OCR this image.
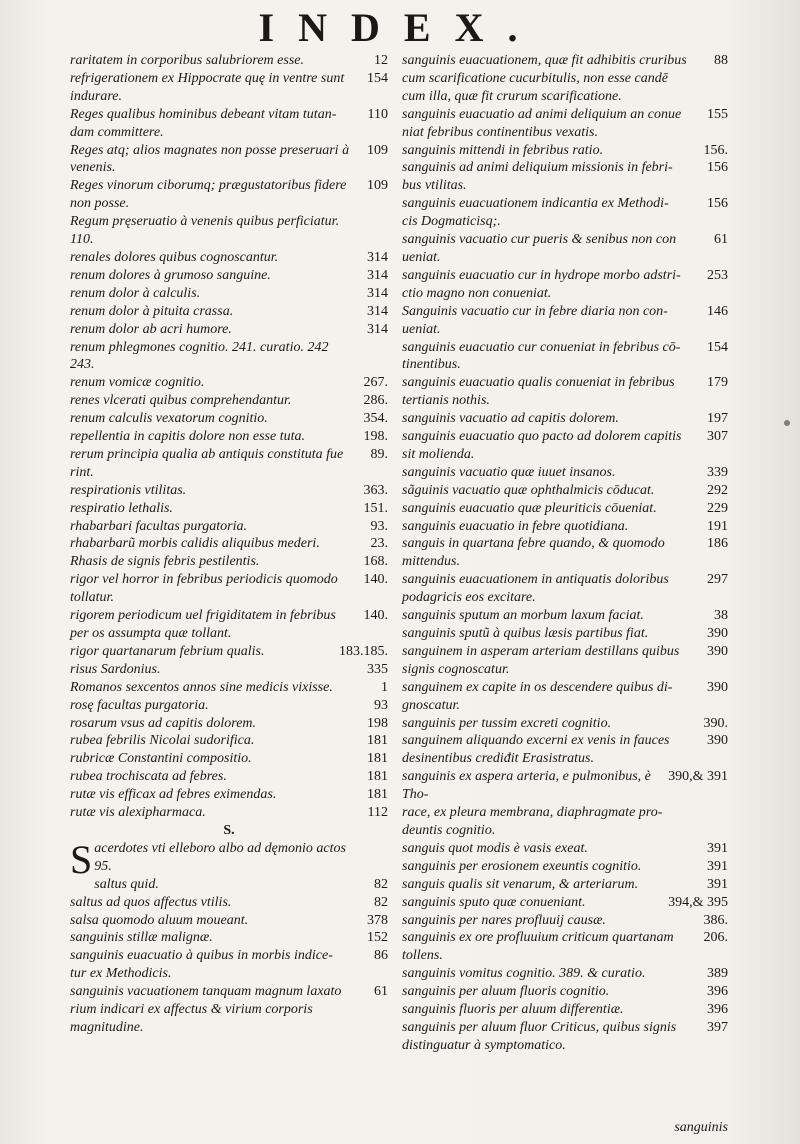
INDEX.
12
raritatem in corporibus salubriorem esse.
154
refrigerationem ex Hippocrate quę in ventre sunt
indurare.
110
Reges qualibus hominibus debeant vitam tutan-
dam committere.
109
Reges atq; alios magnates non posse preseruari à
venenis.
109
Reges vinorum ciborumq; prægustatoribus fidere
non posse.
Regum pręseruatio à venenis quibus perficiatur.
110.
314
renales dolores quibus cognoscantur.
314
renum dolores à grumoso sanguine.
314
renum dolor à calculis.
314
renum dolor à pituita crassa.
314
renum dolor ab acri humore.
renum phlegmones cognitio. 241. curatio. 242
243.
267.
renum vomicæ cognitio.
286.
renes vlcerati quibus comprehendantur.
354.
renum calculis vexatorum cognitio.
198.
repellentia in capitis dolore non esse tuta.
89.
rerum principia qualia ab antiquis constituta fue
rint.
363.
respirationis vtilitas.
151.
respiratio lethalis.
93.
rhabarbari facultas purgatoria.
23.
rhabarbarũ morbis calidis aliquibus mederi.
168.
Rhasis de signis febris pestilentis.
140.
rigor vel horror in febribus periodicis quomodo
tollatur.
140.
rigorem periodicum uel frigiditatem in febribus
per os assumpta quæ tollant.
183.185.
rigor quartanarum febrium qualis.
335
risus Sardonius.
1
Romanos sexcentos annos sine medicis vixisse.
93
rosę facultas purgatoria.
198
rosarum vsus ad capitis dolorem.
181
rubea febrilis Nicolai sudorifica.
181
rubricæ Constantini compositio.
181
rubea trochiscata ad febres.
181
rutæ vis efficax ad febres eximendas.
112
rutæ vis alexipharmaca.
S.
S acerdotes vti elleboro albo ad dęmonio actos
95.
82
saltus quid.
82
saltus ad quos affectus vtilis.
378
salsa quomodo aluum moueant.
152
sanguinis stillæ malignæ.
86
sanguinis euacuatio à quibus in morbis indice-
tur ex Methodicis.
61
sanguinis vacuationem tanquam magnum laxato
rium indicari ex affectus & virium corporis
magnitudine.
88
sanguinis euacuationem, quæ fit adhibitis cruribus
cum scarificatione cucurbitulis, non esse candē
cum illa, quæ fit crurum scarificatione.
155
sanguinis euacuatio ad animi deliquium an conue
niat febribus continentibus vexatis.
156.
sanguinis mittendi in febribus ratio.
156
sanguinis ad animi deliquium missionis in febri-
bus vtilitas.
156
sanguinis euacuationem indicantia ex Methodi-
cis Dogmaticisq;.
61
sanguinis vacuatio cur pueris & senibus non con
ueniat.
253
sanguinis euacuatio cur in hydrope morbo adstri-
ctio magno non conueniat.
146
Sanguinis vacuatio cur in febre diaria non con-
ueniat.
154
sanguinis euacuatio cur conueniat in febribus cō-
tinentibus.
179
sanguinis euacuatio qualis conueniat in febribus
tertianis nothis.
197
sanguinis vacuatio ad capitis dolorem.
307
sanguinis euacuatio quo pacto ad dolorem capitis
sit molienda.
339
sanguinis vacuatio quæ iuuet insanos.
292
sãguinis vacuatio quæ ophthalmicis cōducat.
229
sanguinis euacuatio quæ pleuriticis cōueniat.
191
sanguinis euacuatio in febre quotidiana.
186
sanguis in quartana febre quando, & quomodo
mittendus.
297
sanguinis euacuationem in antiquatis doloribus
podagricis eos excitare.
38
sanguinis sputum an morbum laxum faciat.
390
sanguinis sputũ à quibus læsis partibus fiat.
390
sanguinem in asperam arteriam destillans quibus
signis cognoscatur.
390
sanguinem ex capite in os descendere quibus di-
gnoscatur.
390.
sanguinis per tussim excreti cognitio.
390
sanguinem aliquando excerni ex venis in fauces
desinentibus crediđit Erasistratus.
390,& 391
sanguinis ex aspera arteria, e pulmonibus, è Tho-
race, ex pleura membrana, diaphragmate pro-
deuntis cognitio.
391
sanguis quot modis è vasis exeat.
391
sanguinis per erosionem exeuntis cognitio.
391
sanguis qualis sit venarum, & arteriarum.
394,& 395
sanguinis sputo quæ conueniant.
386.
sanguinis per nares profluuij causæ.
206.
sanguinis ex ore profluuium criticum quartanam
tollens.
389
sanguinis vomitus cognitio. 389. & curatio.
396
sanguinis per aluum fluoris cognitio.
396
sanguinis fluoris per aluum differentiæ.
397
sanguinis per aluum fluor Criticus, quibus signis
distinguatur à symptomatico.
sanguinis
